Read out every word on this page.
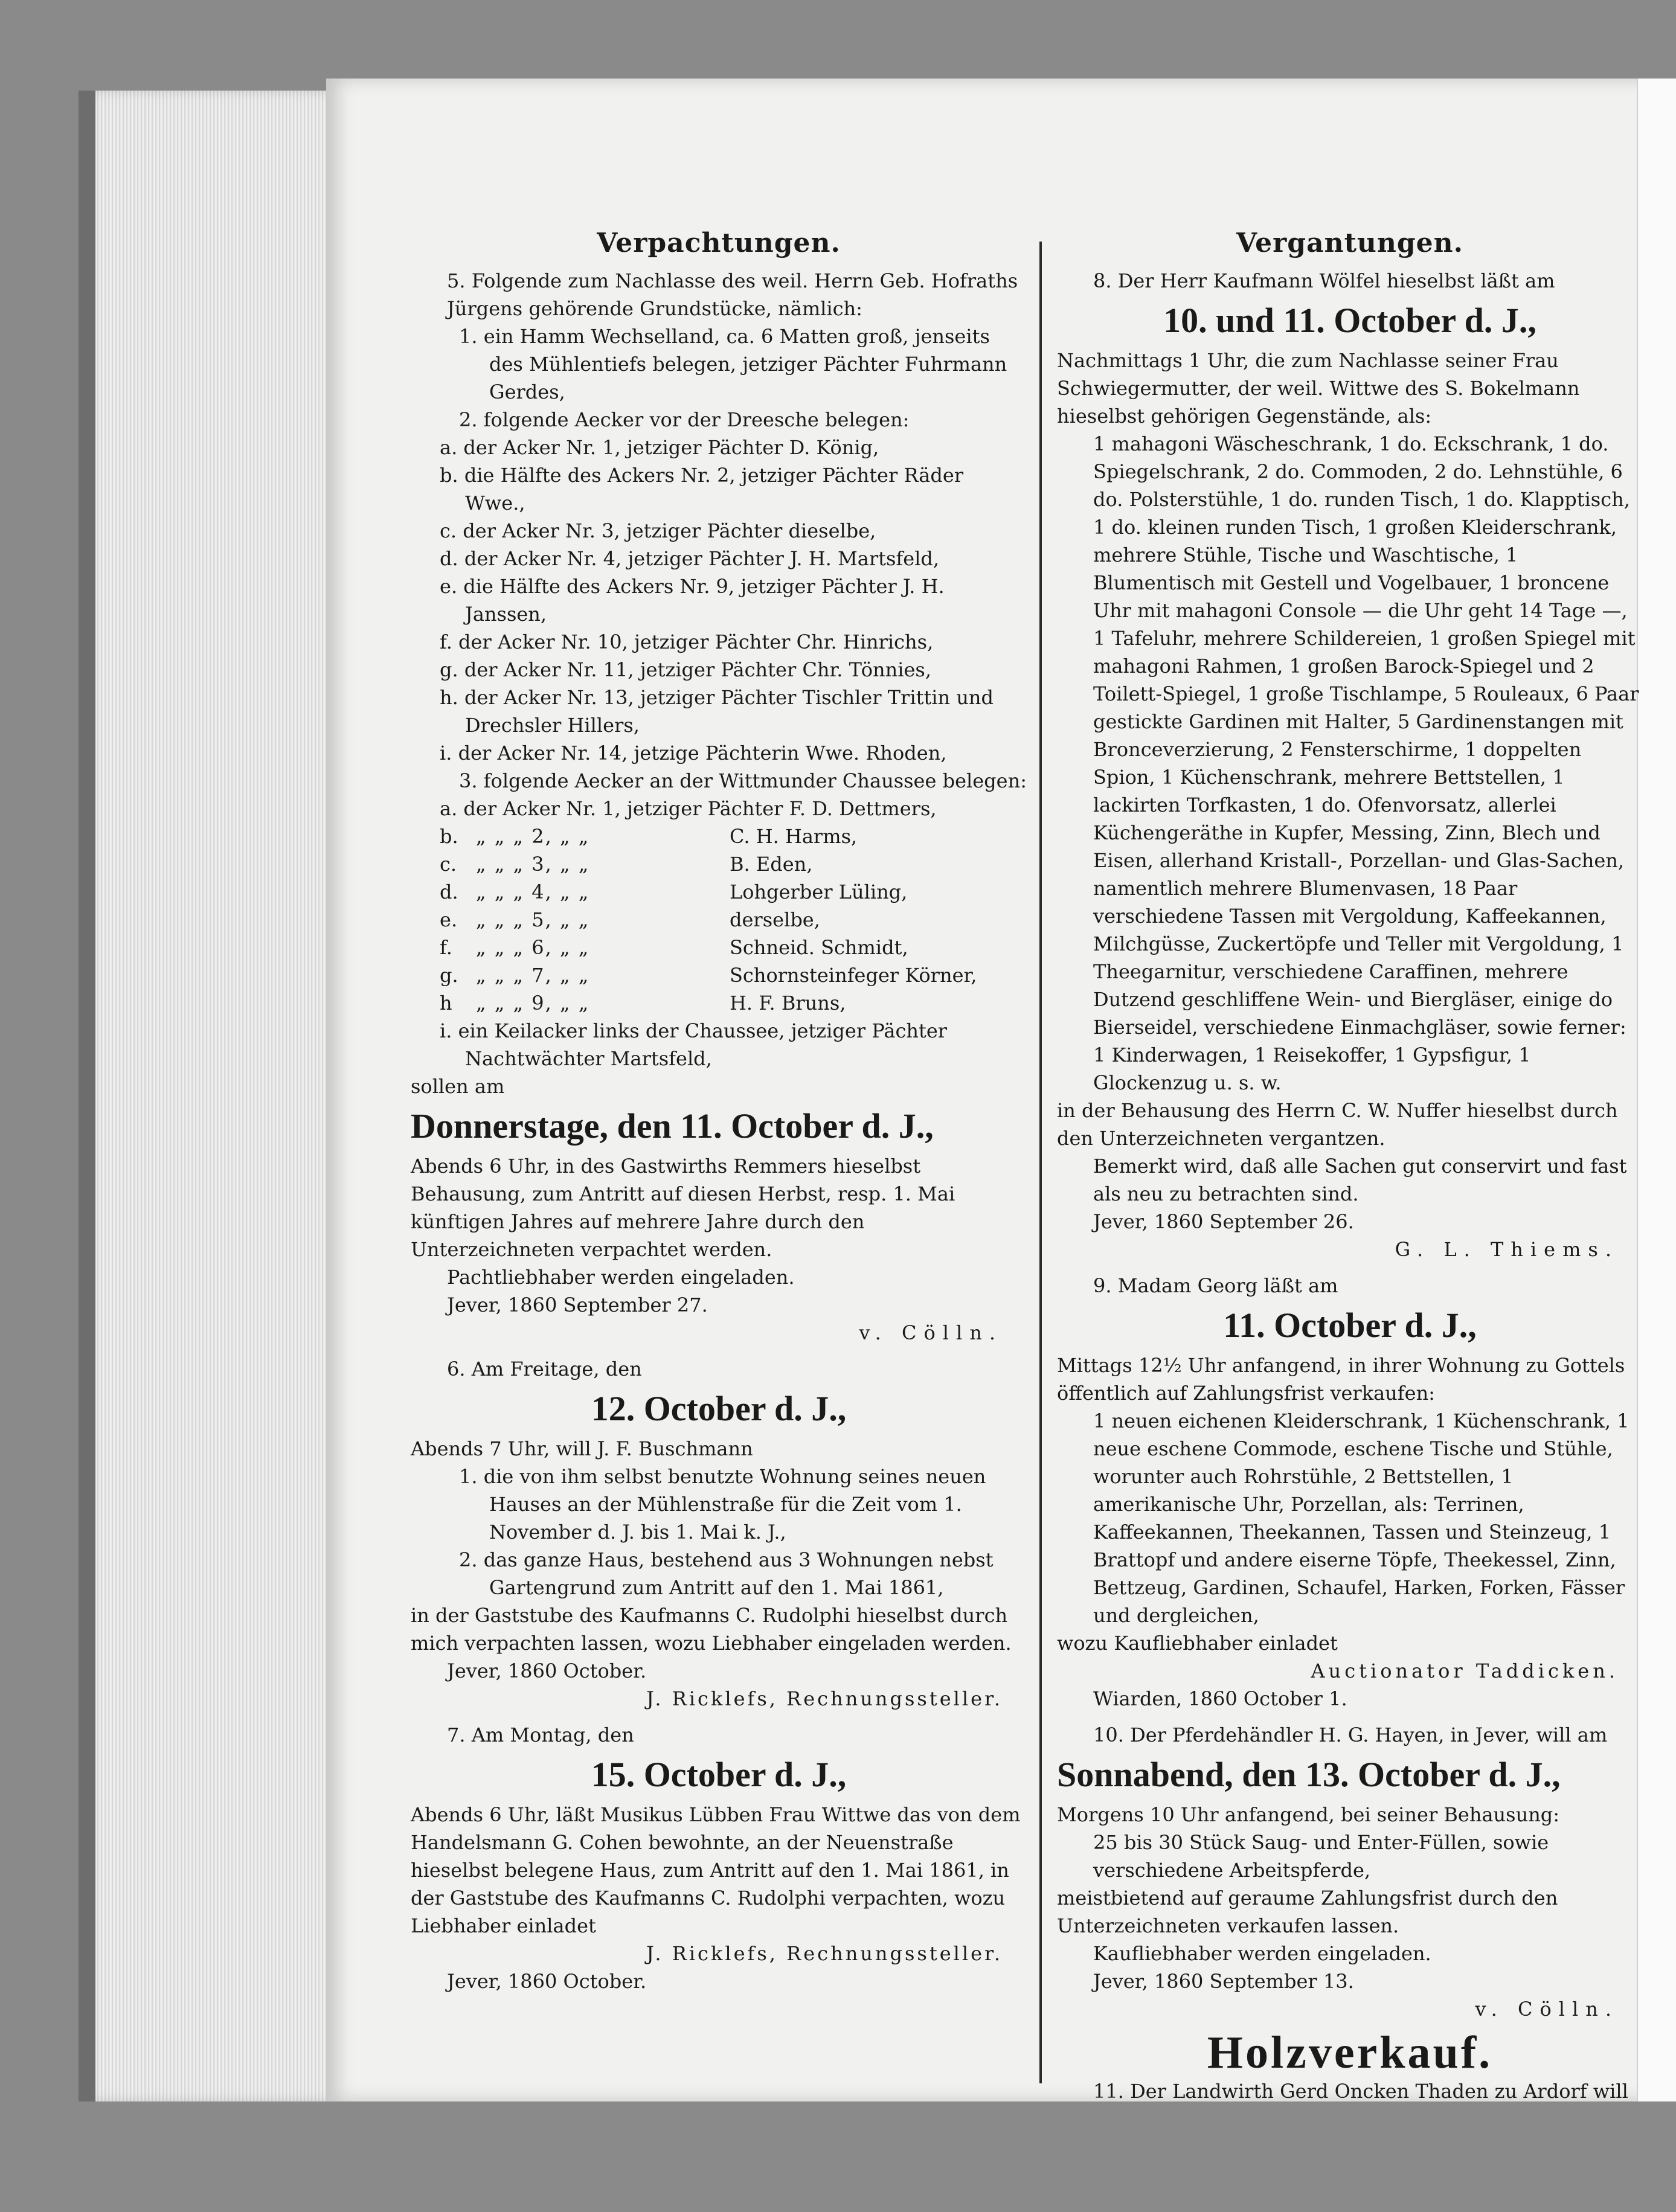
Verpachtungen.

5. Folgende zum Nachlasse des weil. Herrn Geb. Hofraths Jürgens gehörende Grundstücke, nämlich:

1. ein Hamm Wechselland, ca. 6 Matten groß, jenseits des Mühlentiefs belegen, jetziger Pächter Fuhrmann Gerdes,

2. folgende Aecker vor der Dreesche belegen:

a. der Acker Nr. 1, jetziger Pächter D. König,

b. die Hälfte des Ackers Nr. 2, jetziger Pächter Räder Wwe.,

c. der Acker Nr. 3, jetziger Pächter dieselbe,

d. der Acker Nr. 4, jetziger Pächter J. H. Martsfeld,

e. die Hälfte des Ackers Nr. 9, jetziger Pächter J. H. Janssen,

f. der Acker Nr. 10, jetziger Pächter Chr. Hinrichs,

g. der Acker Nr. 11, jetziger Pächter Chr. Tönnies,

h. der Acker Nr. 13, jetziger Pächter Tischler Trittin und Drechsler Hillers,

i. der Acker Nr. 14, jetzige Pächterin Wwe. Rhoden,

3. folgende Aecker an der Wittmunder Chaussee belegen:

a. der Acker Nr. 1, jetziger Pächter F. D. Dettmers,

b. „ „ „ 2, „ „	C. H. Harms,
c. „ „ „ 3, „ „	B. Eden,
d. „ „ „ 4, „ „	Lohgerber Lüling,
e. „ „ „ 5, „ „	derselbe,
f.	„ „ „ 6, „ „	Schneid. Schmidt,
g. „ „ „ 7, „ „	Schornsteinfeger Körner,
h	„ „ „ 9, „ „	H. F. Bruns,

i. ein Keilacker links der Chaussee, jetziger Pächter Nachtwächter Martsfeld,

sollen am

Donnerstage, den 11. October d. J.,

Abends 6 Uhr, in des Gastwirths Remmers hieselbst Behausung, zum Antritt auf diesen Herbst, resp. 1. Mai künftigen Jahres auf mehrere Jahre durch den Unterzeichneten verpachtet werden.

Pachtliebhaber werden eingeladen.

Jever, 1860 September 27.

v. Cölln.

6. Am Freitage, den

12. October d. J.,

Abends 7 Uhr, will J. F. Buschmann

1. die von ihm selbst benutzte Wohnung seines neuen Hauses an der Mühlenstraße für die Zeit vom 1. November d. J. bis 1. Mai k. J.,

2. das ganze Haus, bestehend aus 3 Wohnungen nebst Gartengrund zum Antritt auf den 1. Mai 1861,

in der Gaststube des Kaufmanns C. Rudolphi hieselbst durch mich verpachten lassen, wozu Liebhaber eingeladen werden.

Jever, 1860 October.

J. Ricklefs, Rechnungssteller.

7. Am Montag, den

15. October d. J.,

Abends 6 Uhr, läßt Musikus Lübben Frau Wittwe das von dem Handelsmann G. Cohen bewohnte, an der Neuenstraße hieselbst belegene Haus, zum Antritt auf den 1. Mai 1861, in der Gaststube des Kaufmanns C. Rudolphi verpachten, wozu Liebhaber einladet

J. Ricklefs, Rechnungssteller.

Jever, 1860 October.

Vergantungen.

8. Der Herr Kaufmann Wölfel hieselbst läßt am

10. und 11. October d. J.,

Nachmittags 1 Uhr, die zum Nachlasse seiner Frau Schwiegermutter, der weil. Wittwe des S. Bokelmann hieselbst gehörigen Gegenstände, als:

1 mahagoni Wäscheschrank, 1 do. Eckschrank, 1 do. Spiegelschrank, 2 do. Commoden, 2 do. Lehnstühle, 6 do. Polsterstühle, 1 do. runden Tisch, 1 do. Klapptisch, 1 do. kleinen runden Tisch, 1 großen Kleiderschrank, mehrere Stühle, Tische und Waschtische, 1 Blumentisch mit Gestell und Vogelbauer, 1 broncene Uhr mit mahagoni Console — die Uhr geht 14 Tage —, 1 Tafeluhr, mehrere Schildereien, 1 großen Spiegel mit mahagoni Rahmen, 1 großen Barock-Spiegel und 2 Toilett-Spiegel, 1 große Tischlampe, 5 Rouleaux, 6 Paar gestickte Gardinen mit Halter, 5 Gardinenstangen mit Bronceverzierung, 2 Fensterschirme, 1 doppelten Spion, 1 Küchenschrank, mehrere Bettstellen, 1 lackirten Torfkasten, 1 do. Ofenvorsatz, allerlei Küchengeräthe in Kupfer, Messing, Zinn, Blech und Eisen, allerhand Kristall-, Porzellan- und Glas-Sachen, namentlich mehrere Blumenvasen, 18 Paar verschiedene Tassen mit Vergoldung, Kaffeekannen, Milchgüsse, Zuckertöpfe und Teller mit Vergoldung, 1 Theegarnitur, verschiedene Caraffinen, mehrere Dutzend geschliffene Wein- und Biergläser, einige do Bierseidel, verschiedene Einmachgläser, sowie ferner: 1 Kinderwagen, 1 Reisekoffer, 1 Gypsfigur, 1 Glockenzug u. s. w.

in der Behausung des Herrn C. W. Nuffer hieselbst durch den Unterzeichneten vergantzen.

Bemerkt wird, daß alle Sachen gut conservirt und fast als neu zu betrachten sind.

Jever, 1860 September 26.

G. L. Thiems.

9. Madam Georg läßt am

11. October d. J.,

Mittags 12½ Uhr anfangend, in ihrer Wohnung zu Gottels öffentlich auf Zahlungsfrist verkaufen:

1 neuen eichenen Kleiderschrank, 1 Küchenschrank, 1 neue eschene Commode, eschene Tische und Stühle, worunter auch Rohrstühle, 2 Bettstellen, 1 amerikanische Uhr, Porzellan, als: Terrinen, Kaffeekannen, Theekannen, Tassen und Steinzeug, 1 Brattopf und andere eiserne Töpfe, Theekessel, Zinn, Bettzeug, Gardinen, Schaufel, Harken, Forken, Fässer und dergleichen,

wozu Kaufliebhaber einladet

Auctionator Taddicken.

Wiarden, 1860 October 1.

10. Der Pferdehändler H. G. Hayen, in Jever, will am

Sonnabend, den 13. October d. J.,

Morgens 10 Uhr anfangend, bei seiner Behausung:

25 bis 30 Stück Saug- und Enter-Füllen, sowie verschiedene Arbeitspferde,

meistbietend auf geraume Zahlungsfrist durch den Unterzeichneten verkaufen lassen.

Kaufliebhaber werden eingeladen.

Jever, 1860 September 13.

v. Cölln.

Holzverkauf.

11. Der Landwirth Gerd Oncken Thaden zu Ardorf will
